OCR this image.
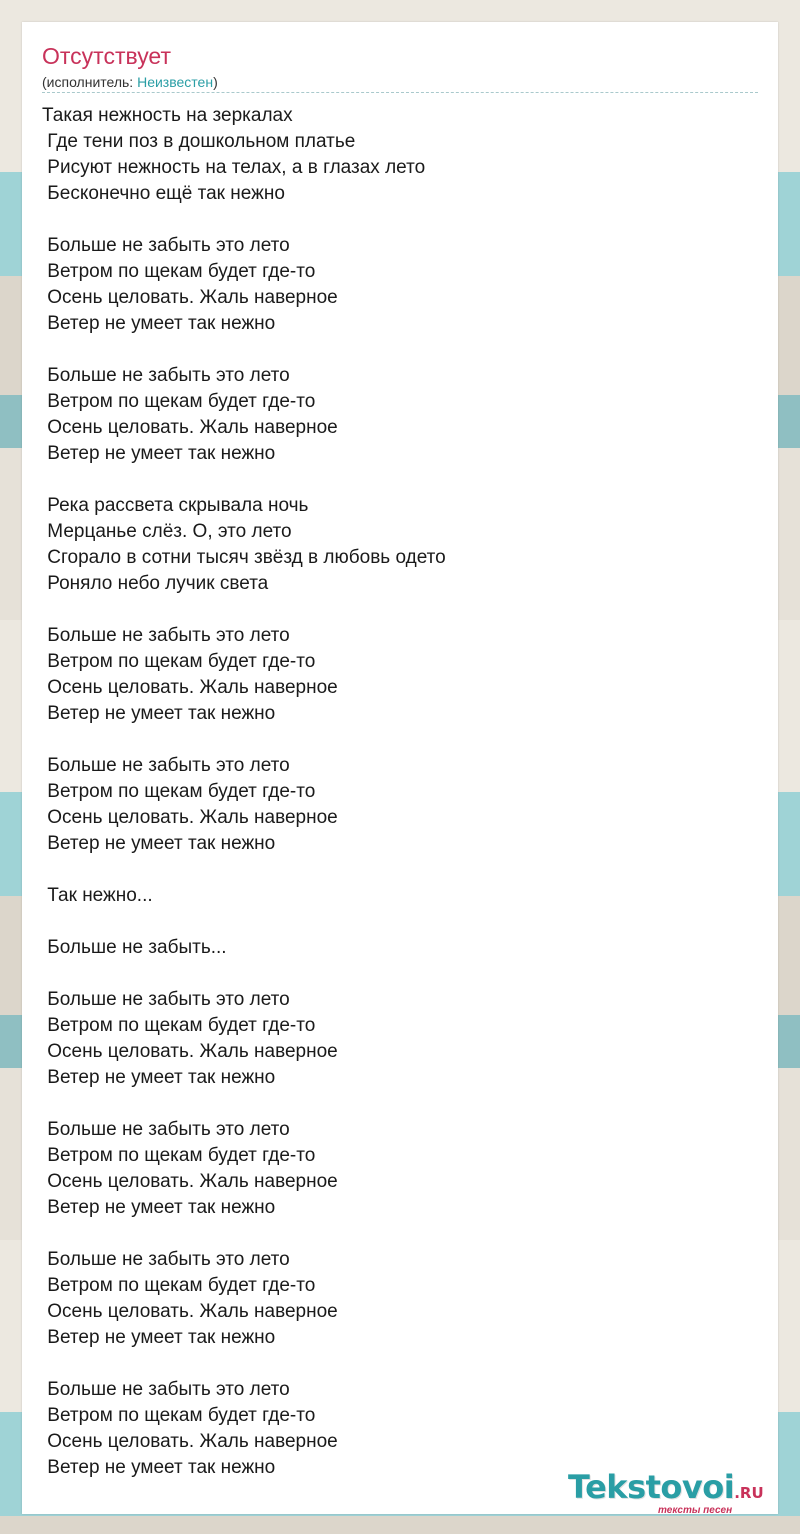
Отсутствует
(исполнитель: Неизвестен)
Такая нежность на зеркалах
Где тени поз в дошкольном платье
Рисуют нежность на телах, а в глазах лето
Бесконечно ещё так нежно
Больше не забыть это лето
Ветром по щекам будет где-то
Осень целовать. Жаль наверное
Ветер не умеет так нежно
Больше не забыть это лето
Ветром по щекам будет где-то
Осень целовать. Жаль наверное
Ветер не умеет так нежно
Река рассвета скрывала ночь
Мерцанье слёз. О, это лето
Сгорало в сотни тысяч звёзд в любовь одето
Роняло небо лучик света
Больше не забыть это лето
Ветром по щекам будет где-то
Осень целовать. Жаль наверное
Ветер не умеет так нежно
Больше не забыть это лето
Ветром по щекам будет где-то
Осень целовать. Жаль наверное
Ветер не умеет так нежно
Так нежно...
Больше не забыть...
Больше не забыть это лето
Ветром по щекам будет где-то
Осень целовать. Жаль наверное
Ветер не умеет так нежно
Больше не забыть это лето
Ветром по щекам будет где-то
Осень целовать. Жаль наверное
Ветер не умеет так нежно
Больше не забыть это лето
Ветром по щекам будет где-то
Осень целовать. Жаль наверное
Ветер не умеет так нежно
Больше не забыть это лето
Ветром по щекам будет где-то
Осень целовать. Жаль наверное
Ветер не умеет так нежно
Tekstovoi.RU
тексты песен
